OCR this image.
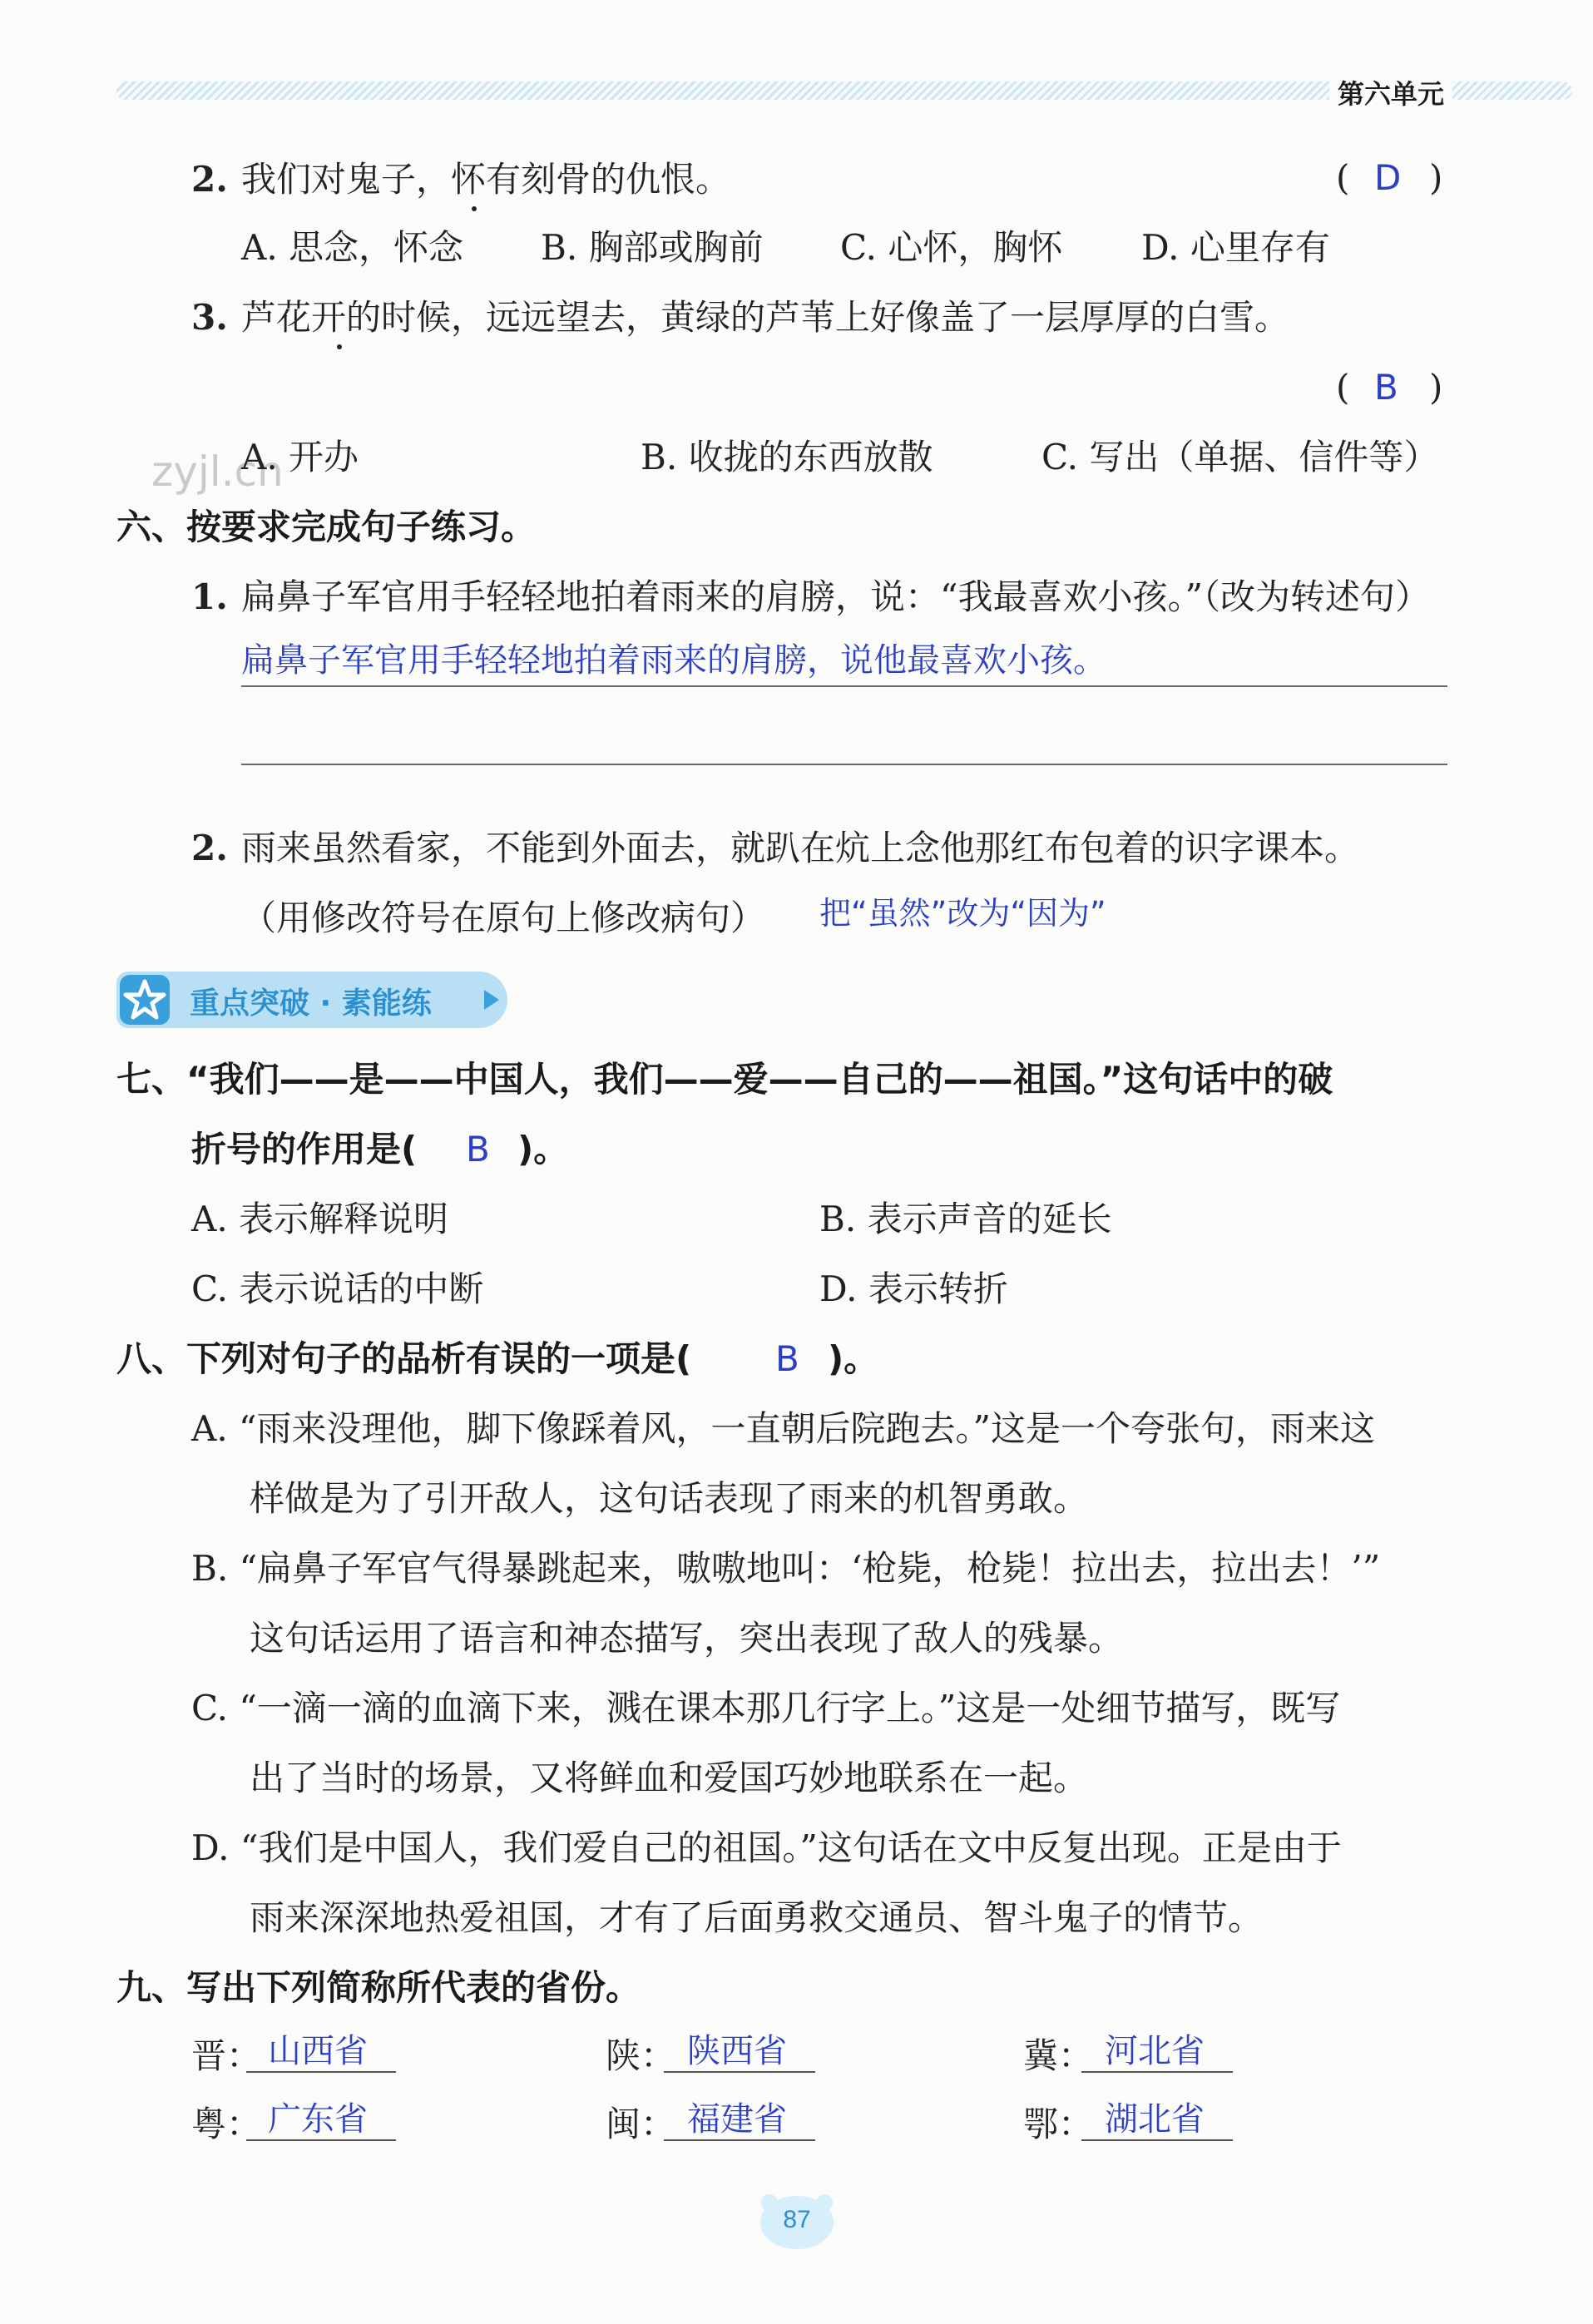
第六单元
zyjl.cn
2. 我们对鬼子，怀有刻骨的仇恨。	( D )
A. 思念，怀念 B. 胸部或胸前 C. 心怀，胸怀 D. 心里存有
3. 芦花开的时候，远远望去，黄绿的芦苇上好像盖了一层厚厚的白雪。
( B )
A. 开办	B. 收拢的东西放散	C. 写出（单据、信件等）
六、按要求完成句子练习。
1. 扁鼻子军官用手轻轻地拍着雨来的肩膀，说：“我最喜欢小孩。”（改为转述句）
扁鼻子军官用手轻轻地拍着雨来的肩膀，说他最喜欢小孩。
2. 雨来虽然看家，不能到外面去，就趴在炕上念他那红布包着的识字课本。
（用修改符号在原句上修改病句） 把“虽然”改为“因为”
重点突破 · 素能练
七、“我们——是——中国人，我们——爱——自己的——祖国。”这句话中的破
折号的作用是( B )。
A. 表示解释说明	B. 表示声音的延长
C. 表示说话的中断	D. 表示转折
八、下列对句子的品析有误的一项是( B )。
A. “雨来没理他，脚下像踩着风，一直朝后院跑去。”这是一个夸张句，雨来这
样做是为了引开敌人，这句话表现了雨来的机智勇敢。
B. “扁鼻子军官气得暴跳起来，嗷嗷地叫：‘枪毙，枪毙！拉出去，拉出去！’”
这句话运用了语言和神态描写，突出表现了敌人的残暴。
C. “一滴一滴的血滴下来，溅在课本那几行字上。”这是一处细节描写，既写
出了当时的场景，又将鲜血和爱国巧妙地联系在一起。
D. “我们是中国人，我们爱自己的祖国。”这句话在文中反复出现。正是由于
雨来深深地热爱祖国，才有了后面勇救交通员、智斗鬼子的情节。
九、写出下列简称所代表的省份。
晋： 山西省	陕： 陕西省	冀： 河北省
粤： 广东省	闽： 福建省	鄂： 湖北省
87
